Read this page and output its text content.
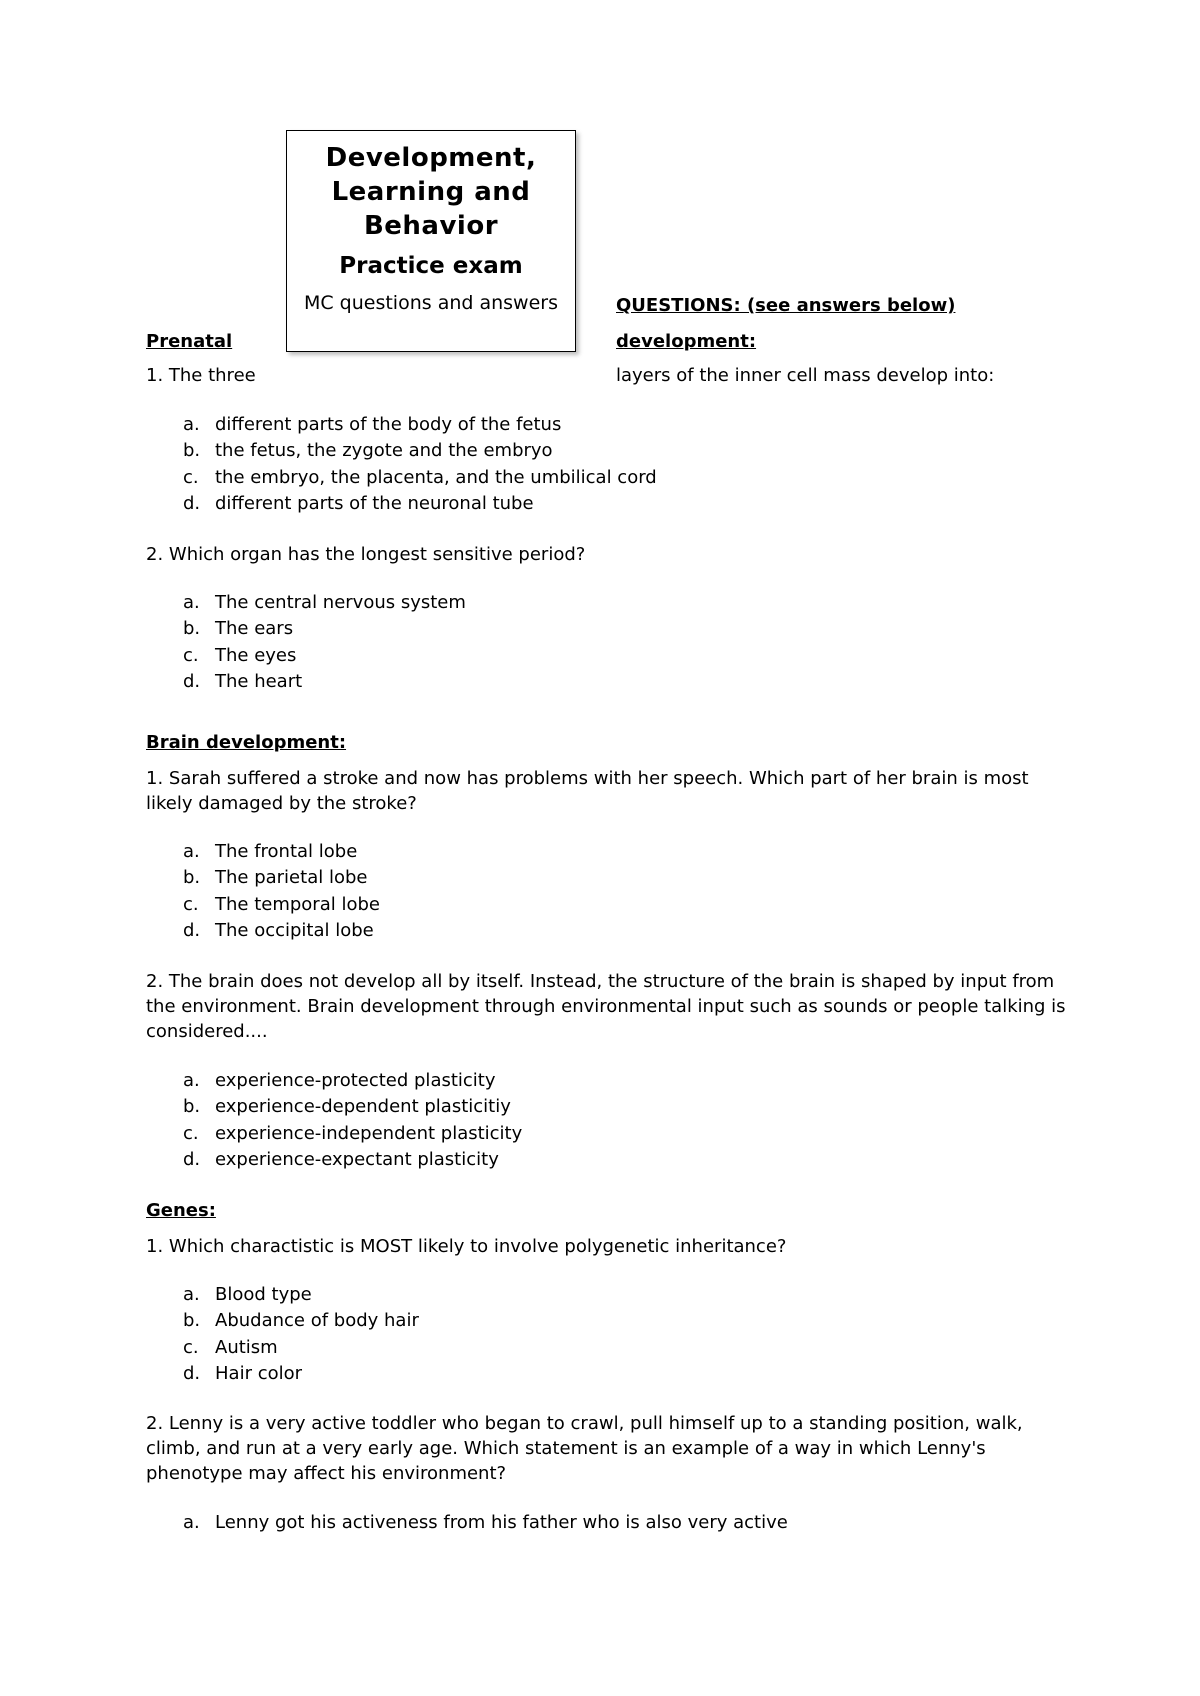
Development, Learning and Behavior
Practice exam
MC questions and answers	QUESTIONS: (see answers below)
Prenatal	development:
1. The three	layers of the inner cell mass develop into:
a. different parts of the body of the fetus
b. the fetus, the zygote and the embryo
c. the embryo, the placenta, and the umbilical cord
d. different parts of the neuronal tube
2. Which organ has the longest sensitive period?
a. The central nervous system
b. The ears
c. The eyes
d. The heart
Brain development:
1. Sarah suffered a stroke and now has problems with her speech. Which part of her brain is most likely damaged by the stroke?
a. The frontal lobe
b. The parietal lobe
c. The temporal lobe
d. The occipital lobe
2. The brain does not develop all by itself. Instead, the structure of the brain is shaped by input from the environment. Brain development through environmental input such as sounds or people talking is considered....
a. experience-protected plasticity
b. experience-dependent plasticitiy
c. experience-independent plasticity
d. experience-expectant plasticity
Genes:
1. Which charactistic is MOST likely to involve polygenetic inheritance?
a. Blood type
b. Abudance of body hair
c. Autism
d. Hair color
2. Lenny is a very active toddler who began to crawl, pull himself up to a standing position, walk, climb, and run at a very early age. Which statement is an example of a way in which Lenny's phenotype may affect his environment?
a. Lenny got his activeness from his father who is also very active
